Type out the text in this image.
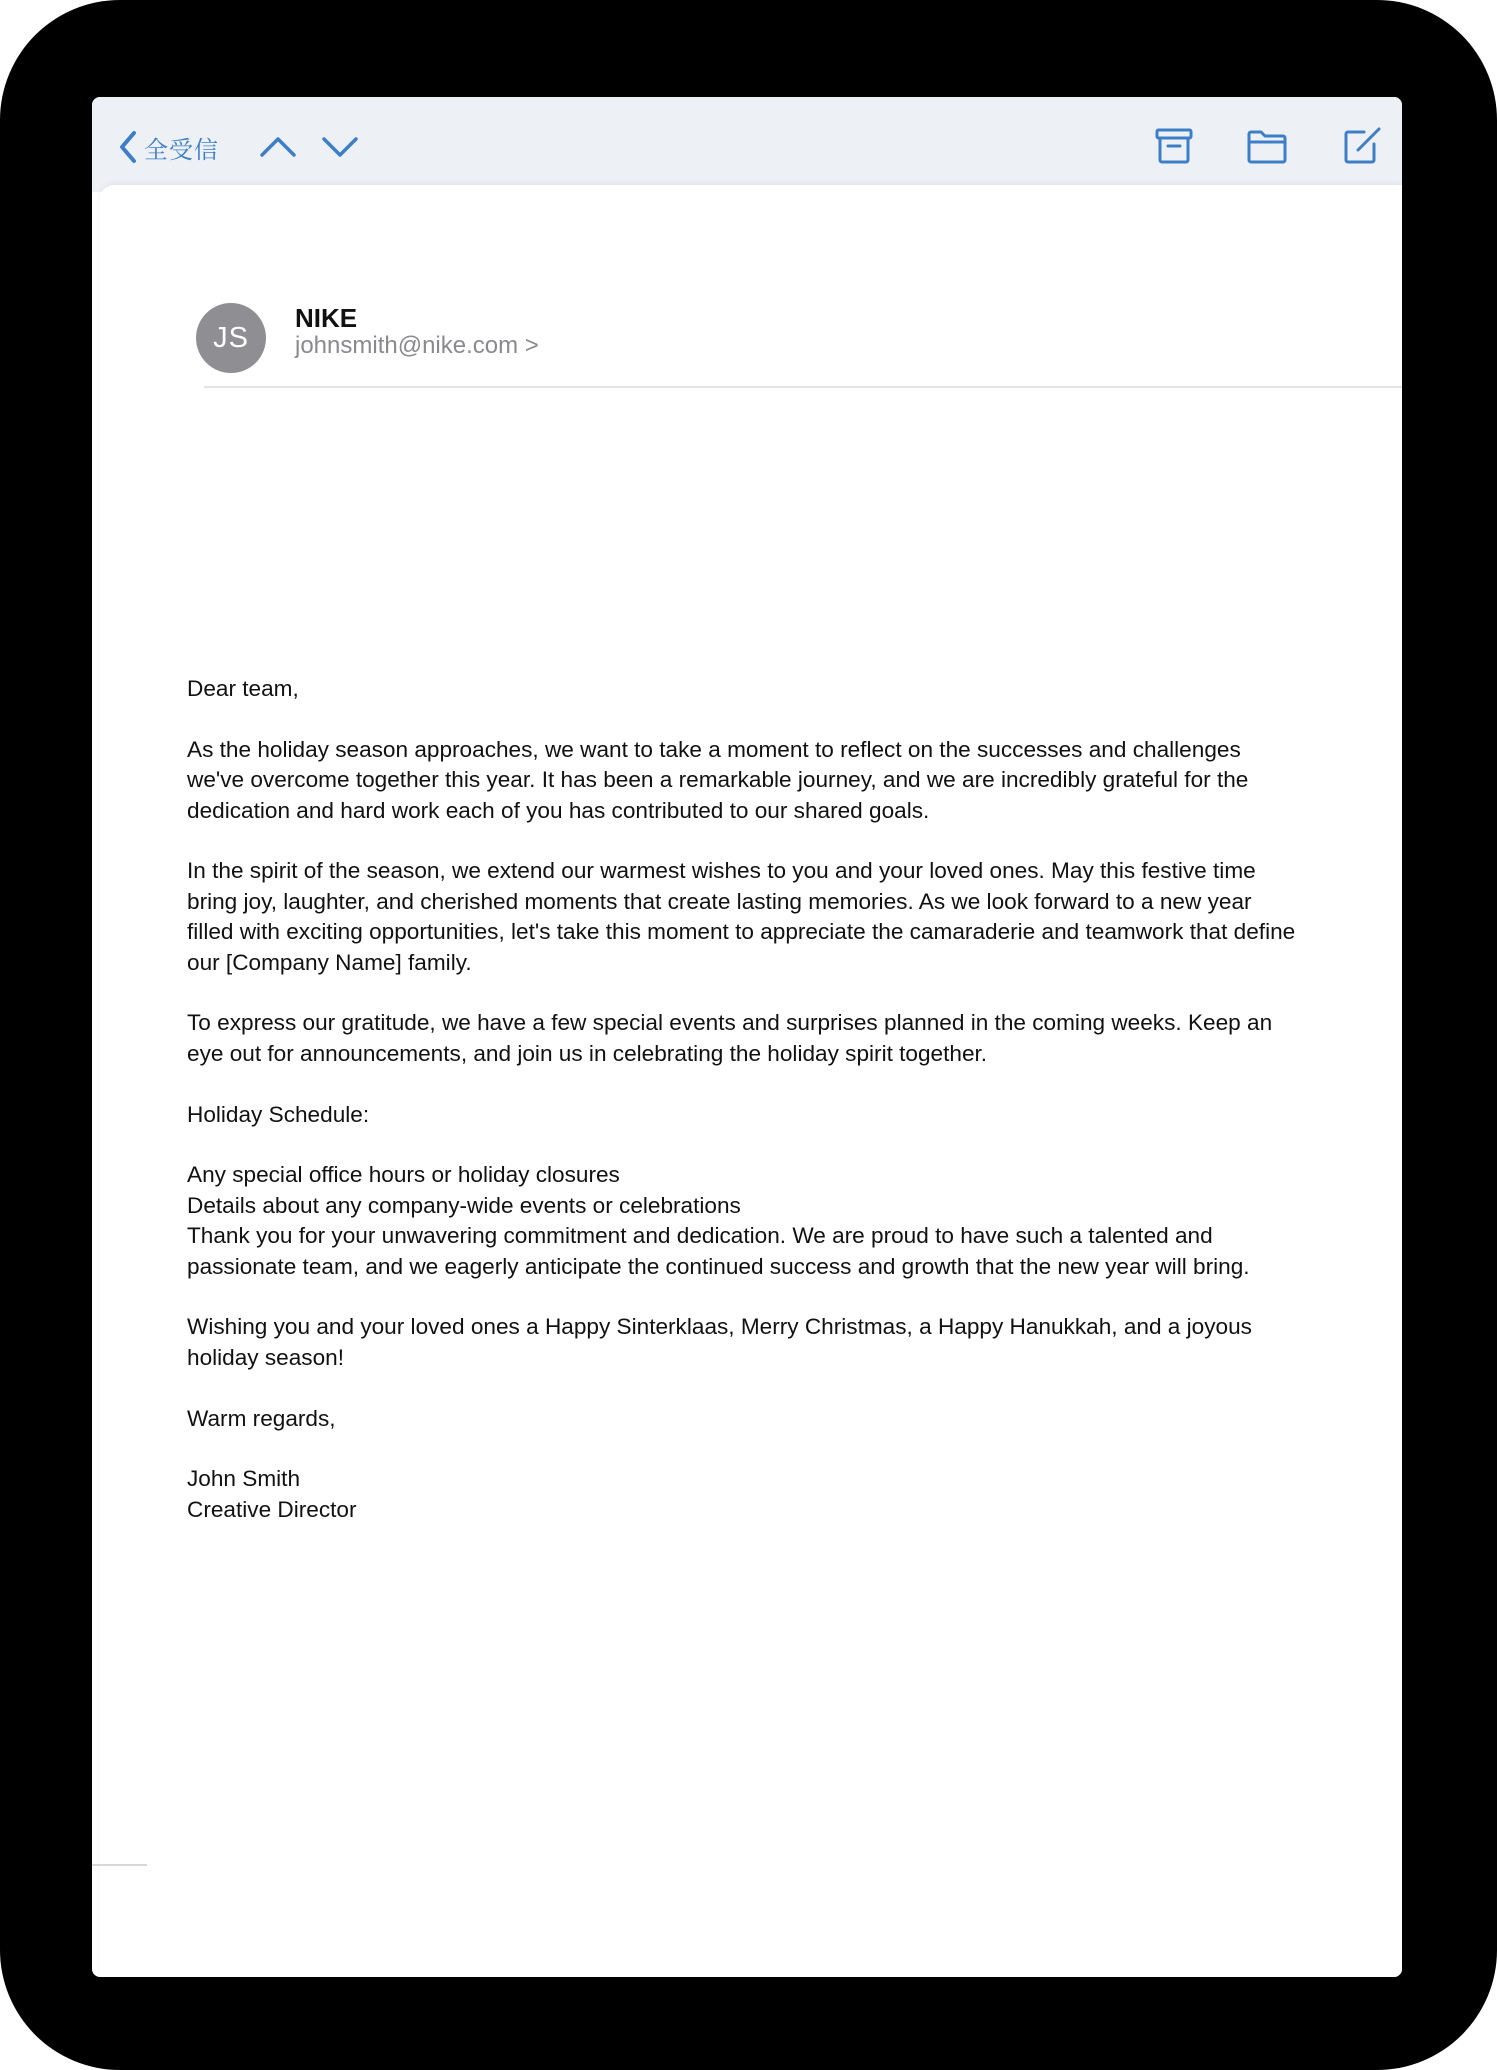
全受信
JS
NIKE
johnsmith@nike.com >

Dear team,

As the holiday season approaches, we want to take a moment to reflect on the successes and challenges we've overcome together this year. It has been a remarkable journey, and we are incredibly grateful for the dedication and hard work each of you has contributed to our shared goals.

In the spirit of the season, we extend our warmest wishes to you and your loved ones. May this festive time bring joy, laughter, and cherished moments that create lasting memories. As we look forward to a new year filled with exciting opportunities, let's take this moment to appreciate the camaraderie and teamwork that define our [Company Name] family.

To express our gratitude, we have a few special events and surprises planned in the coming weeks. Keep an eye out for announcements, and join us in celebrating the holiday spirit together.

Holiday Schedule:

Any special office hours or holiday closures

Details about any company-wide events or celebrations

Thank you for your unwavering commitment and dedication. We are proud to have such a talented and passionate team, and we eagerly anticipate the continued success and growth that the new year will bring.

Wishing you and your loved ones a Happy Sinterklaas, Merry Christmas, a Happy Hanukkah, and a joyous holiday season!

Warm regards,

John Smith

Creative Director
